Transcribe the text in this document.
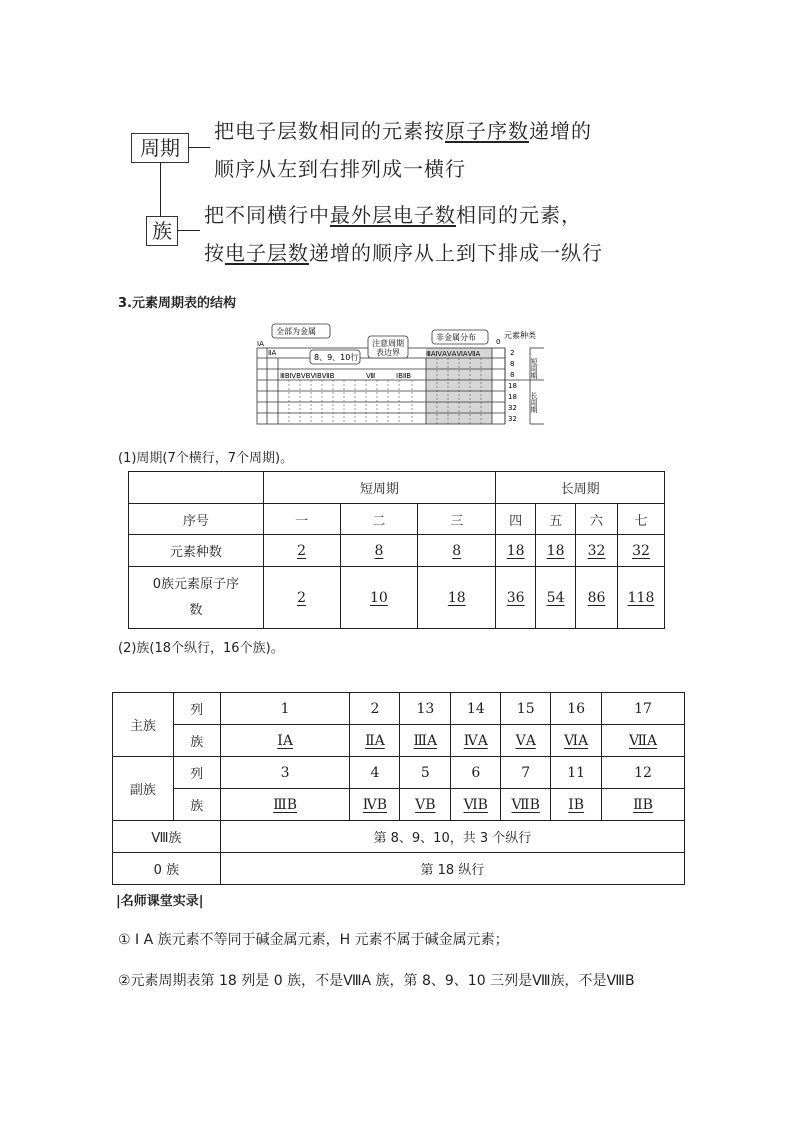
周期
族
把电子层数相同的元素按原子序数递增的
顺序从左到右排列成一横行
把不同横行中最外层电子数相同的元素，
按电子层数递增的顺序从上到下排成一纵行
3.元素周期表的结构
全部为金属
8、9、10行
注意周期
表边界
非金属分布	0
元素种类
ⅠA
ⅡA
ⅢBⅣBⅤBⅥBⅦB	Ⅷ	ⅠBⅡB
ⅢAⅣAⅤAⅥAⅦA	2
8
8
18
18
32
32
短周期
长周期
(1)周期(7个横行，7个周期)。
	短周期			长周期			
序号	一	二	三	四	五	六	七
元素种数	2	8	8	18	18	32	32
0族元素原子序
数	2	10	18	36	54	86	118
(2)族(18个纵行，16个族)。
主族	列	1	2	13	14	15	16	17
	族	ⅠA	ⅡA	ⅢA	ⅣA	ⅤA	ⅥA	ⅦA
副族	列	3	4	5	6	7	11	12
	族	ⅢB	ⅣB	ⅤB	ⅥB	ⅦB	ⅠB	ⅡB
Ⅷ族		第 8、9、10，共 3 个纵行						
0 族		第 18 纵行						
|名师课堂实录|
① Ⅰ A 族元素不等同于碱金属元素，H 元素不属于碱金属元素；
②元素周期表第 18 列是 0 族，不是ⅧA 族，第 8、9、10 三列是Ⅷ族，不是ⅧB
